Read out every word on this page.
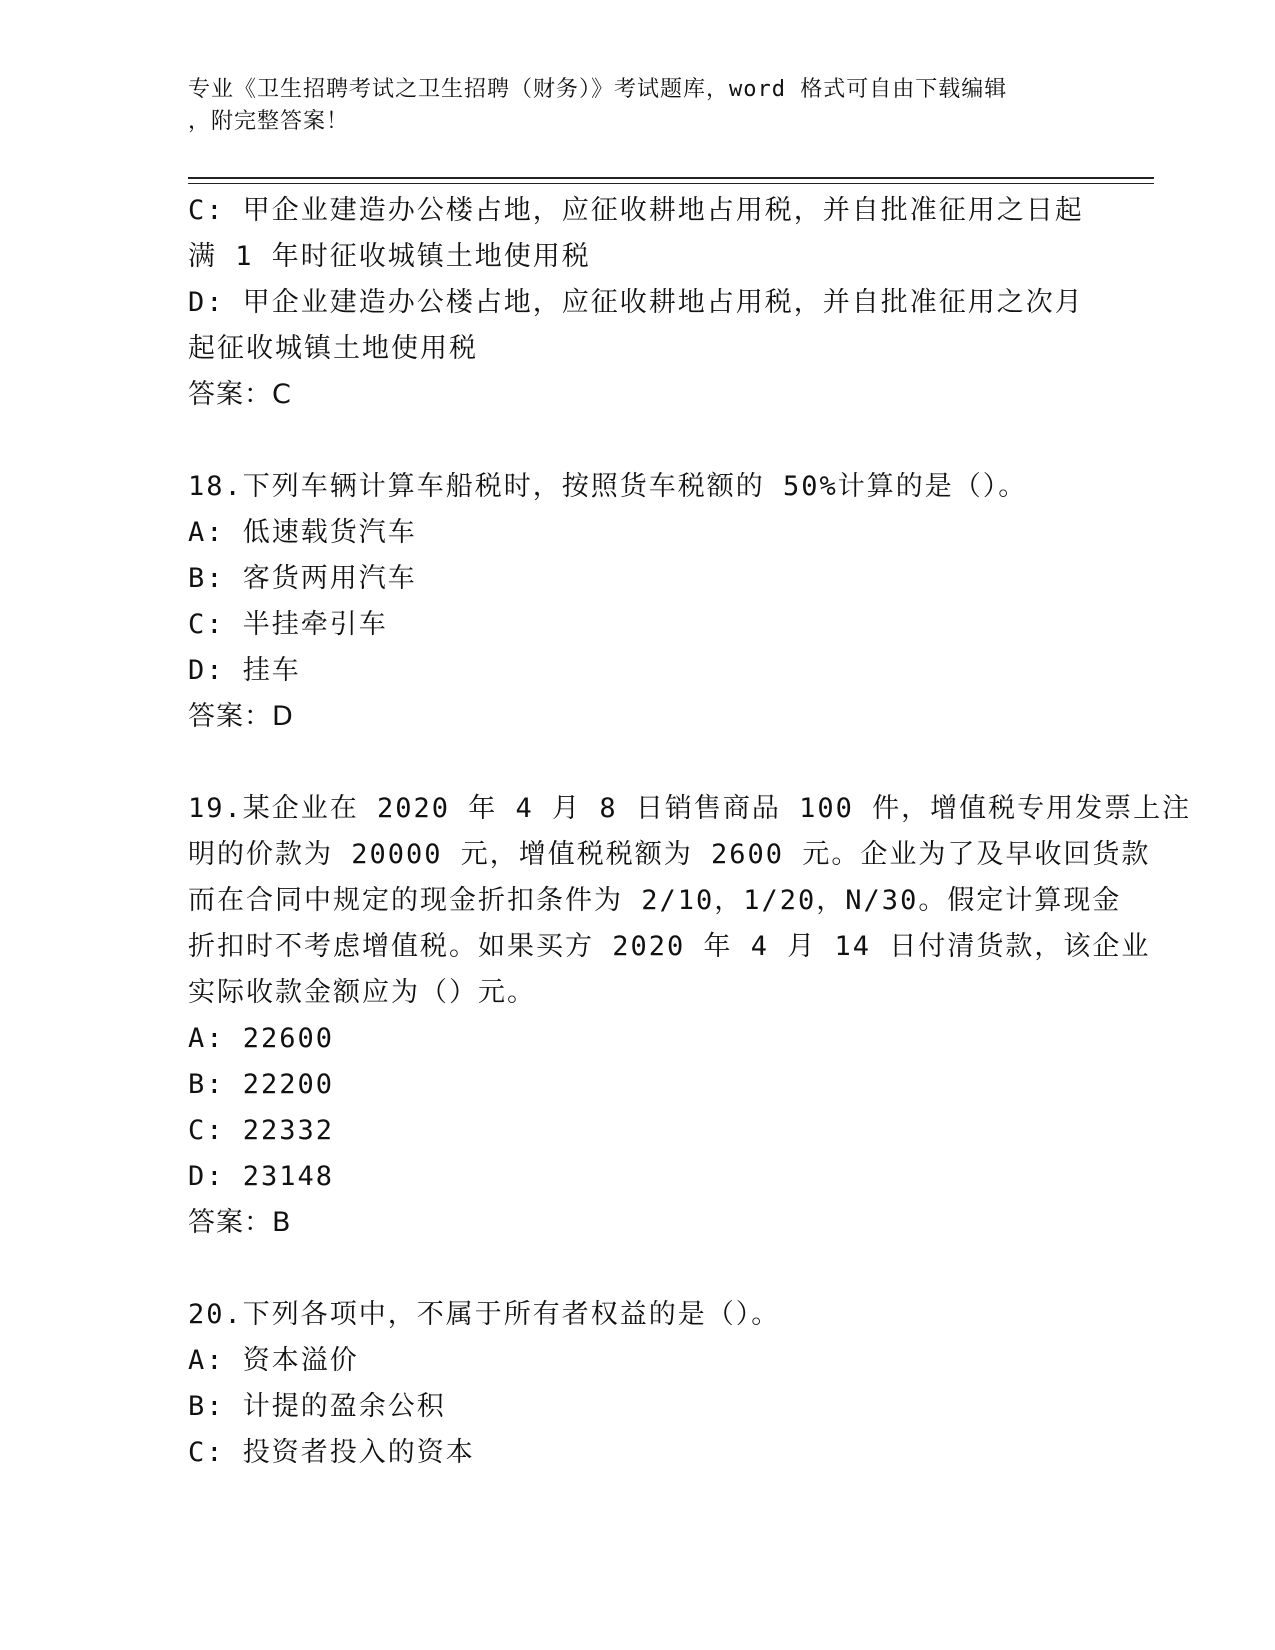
专业《卫生招聘考试之卫生招聘（财务）》考试题库，word 格式可自由下载编辑
，附完整答案！
C: 甲企业建造办公楼占地，应征收耕地占用税，并自批准征用之日起
满 1 年时征收城镇土地使用税
D: 甲企业建造办公楼占地，应征收耕地占用税，并自批准征用之次月
起征收城镇土地使用税
答案：C
18.下列车辆计算车船税时，按照货车税额的 50%计算的是（）。
A: 低速载货汽车
B: 客货两用汽车
C: 半挂牵引车
D: 挂车
答案：D
19.某企业在 2020 年 4 月 8 日销售商品 100 件，增值税专用发票上注
明的价款为 20000 元，增值税税额为 2600 元。企业为了及早收回货款
而在合同中规定的现金折扣条件为 2/10，1/20，N/30。假定计算现金
折扣时不考虑增值税。如果买方 2020 年 4 月 14 日付清货款，该企业
实际收款金额应为（）元。
A: 22600
B: 22200
C: 22332
D: 23148
答案：B
20.下列各项中，不属于所有者权益的是（）。
A: 资本溢价
B: 计提的盈余公积
C: 投资者投入的资本
